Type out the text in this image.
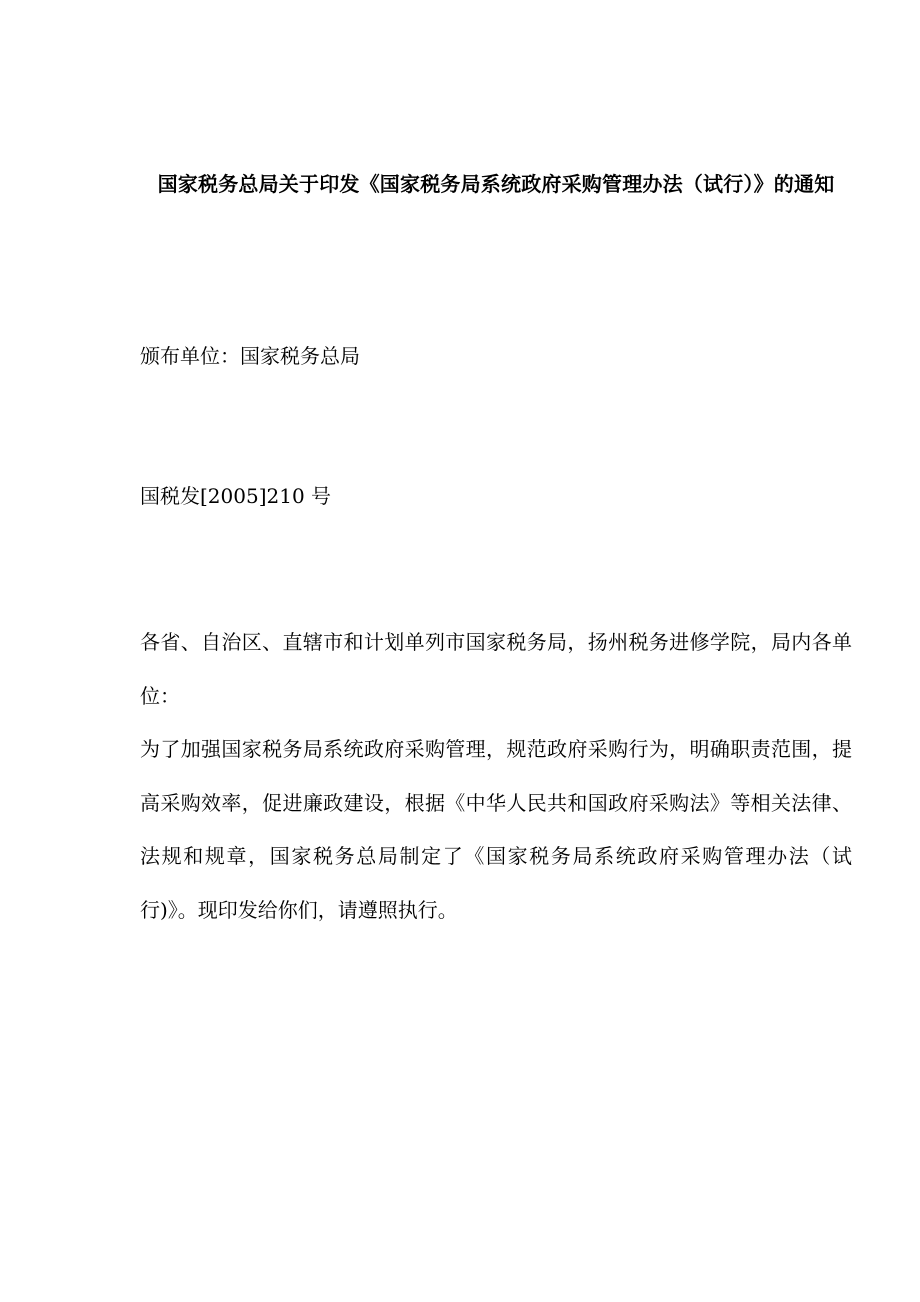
国家税务总局关于印发《国家税务局系统政府采购管理办法（试行）》的通知
颁布单位：国家税务总局
国税发[2005]210 号

各省、自治区、直辖市和计划单列市国家税务局，扬州税务进修学院，局内各单位：

为了加强国家税务局系统政府采购管理，规范政府采购行为，明确职责范围，提高采购效率，促进廉政建设，根据《中华人民共和国政府采购法》等相关法律、法规和规章，国家税务总局制定了《国家税务局系统政府采购管理办法（试行)》。现印发给你们，请遵照执行。
